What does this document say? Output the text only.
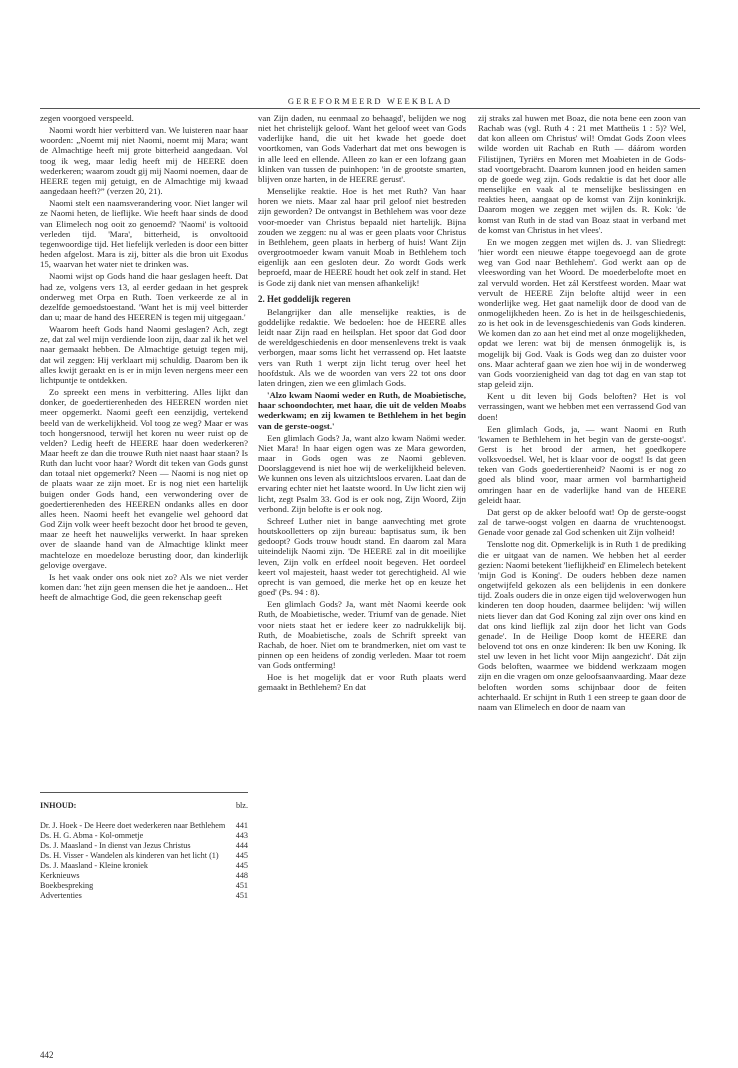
GEREFORMEERD WEEKBLAD

zegen voorgoed verspeeld.

Naomi wordt hier verbitterd van. We luisteren naar haar woorden: „Noemt mij niet Naomi, noemt mij Mara; want de Almachtige heeft mij grote bitterheid aangedaan. Vol toog ik weg, maar ledig heeft mij de HEERE doen wederkeren; waarom zoudt gij mij Naomi noemen, daar de HEERE tegen mij getuigt, en de Almachtige mij kwaad aangedaan heeft?” (verzen 20, 21).

Naomi stelt een naamsverandering voor. Niet langer wil ze Naomi heten, de lieflijke. Wie heeft haar sinds de dood van Elimelech nog ooit zo genoemd? 'Naomi' is voltooid verleden tijd. 'Mara', bitterheid, is onvoltooid tegenwoordige tijd. Het liefelijk verleden is door een bitter heden afgelost. Mara is zij, bitter als die bron uit Exodus 15, waarvan het water niet te drinken was.

Naomi wijst op Gods hand die haar geslagen heeft. Dat had ze, volgens vers 13, al eerder gedaan in het gesprek onderweg met Orpa en Ruth. Toen verkeerde ze al in dezelfde gemoedstoestand. 'Want het is mij veel bitterder dan u; maar de hand des HEEREN is tegen mij uitgegaan.'

Waarom heeft Gods hand Naomi geslagen? Ach, zegt ze, dat zal wel mijn verdiende loon zijn, daar zal ik het wel naar gemaakt hebben. De Almachtige getuigt tegen mij, dat wil zeggen: Hij verklaart mij schuldig. Daarom ben ik alles kwijt geraakt en is er in mijn leven nergens meer een lichtpuntje te ontdekken.

Zo spreekt een mens in verbittering. Alles lijkt dan donker, de goedertierenheden des HEEREN worden niet meer opgemerkt. Naomi geeft een eenzijdig, vertekend beeld van de werkelijkheid. Vol toog ze weg? Maar er was toch hongersnood, terwijl het koren nu weer ruist op de velden? Ledig heeft de HEERE haar doen wederkeren? Maar heeft ze dan die trouwe Ruth niet naast haar staan? Is Ruth dan lucht voor haar? Wordt dit teken van Gods gunst dan totaal niet opgemerkt? Neen — Naomi is nog niet op de plaats waar ze zijn moet. Er is nog niet een hartelijk buigen onder Gods hand, een verwondering over de goedertierenheden des HEEREN ondanks alles en door alles heen. Naomi heeft het evangelie wel gehoord dat God Zijn volk weer heeft bezocht door het brood te geven, maar ze heeft het nauwelijks verwerkt. In haar spreken over de slaande hand van de Almachtige klinkt meer machteloze en moedeloze berusting door, dan kinderlijk gelovige overgave.

Is het vaak onder ons ook niet zo? Als we niet verder komen dan: 'het zijn geen mensen die het je aandoen... Het heeft de almachtige God, die geen rekenschap geeft

INHOUD:	blz.
Dr. J. Hoek - De Heere doet wederkeren naar Bethlehem	441
Ds. H. G. Abma - Kol-ommetje	443
Ds. J. Maasland - In dienst van Jezus Christus	444
Ds. H. Visser - Wandelen als kinderen van het licht (1)	445
Ds. J. Maasland - Kleine kroniek	445
Kerknieuws	448
Boekbespreking	451
Advertenties	451

van Zijn daden, nu eenmaal zo behaagd', belijden we nog niet het christelijk geloof. Want het geloof weet van Gods vaderlijke hand, die uit het kwade het goede doet voortkomen, van Gods Vaderhart dat met ons bewogen is in alle leed en ellende. Alleen zo kan er een lofzang gaan klinken van tussen de puinhopen: 'in de grootste smarten, blijven onze harten, in de HEERE gerust'.

Menselijke reaktie. Hoe is het met Ruth? Van haar horen we niets. Maar zal haar pril geloof niet bestreden zijn geworden? De ontvangst in Bethlehem was voor deze voor-moeder van Christus bepaald niet hartelijk. Bijna zouden we zeggen: nu al was er geen plaats voor Christus in Bethlehem, geen plaats in herberg of huis! Want Zijn overgrootmoeder kwam vanuit Moab in Bethlehem toch eigenlijk aan een gesloten deur. Zo wordt Gods werk beproefd, maar de HEERE houdt het ook zelf in stand. Het is Gode zij dank niet van mensen afhankelijk!

2. Het goddelijk regeren

Belangrijker dan alle menselijke reakties, is de goddelijke redaktie. We bedoelen: hoe de HEERE alles leidt naar Zijn raad en heilsplan. Het spoor dat God door de wereldgeschiedenis en door mensenlevens trekt is vaak verborgen, maar soms licht het verrassend op. Het laatste vers van Ruth 1 werpt zijn licht terug over heel het hoofdstuk. Als we de woorden van vers 22 tot ons door laten dringen, zien we een glimlach Gods.

'Alzo kwam Naomi weder en Ruth, de Moabietische, haar schoondochter, met haar, die uit de velden Moabs wederkwam; en zij kwamen te Bethlehem in het begin van de gerste-oogst.'

Een glimlach Gods? Ja, want alzo kwam Naömi weder. Niet Mara! In haar eigen ogen was ze Mara geworden, maar in Gods ogen was ze Naomi gebleven. Doorslaggevend is niet hoe wij de werkelijkheid beleven. We kunnen ons leven als uitzichtsloos ervaren. Laat dan de ervaring echter niet het laatste woord. In Uw licht zien wij licht, zegt Psalm 33. God is er ook nog, Zijn Woord, Zijn verbond. Zijn belofte is er ook nog.

Schreef Luther niet in bange aanvechting met grote houtskoolletters op zijn bureau: baptisatus sum, ik ben gedoopt? Gods trouw houdt stand. En daarom zal Mara uiteindelijk Naomi zijn. 'De HEERE zal in dit moeilijke leven, Zijn volk en erfdeel nooit begeven. Het oordeel keert vol majesteit, haast weder tot gerechtigheid. Al wie oprecht is van gemoed, die merke het op en keuze het goed' (Ps. 94 : 8).

Een glimlach Gods? Ja, want mèt Naomi keerde ook Ruth, de Moabietische, weder. Triumf van de genade. Niet voor niets staat het er iedere keer zo nadrukkelijk bij. Ruth, de Moabietische, zoals de Schrift spreekt van Rachab, de hoer. Niet om te brandmerken, niet om vast te pinnen op een heidens of zondig verleden. Maar tot roem van Gods ontferming!

Hoe is het mogelijk dat er voor Ruth plaats werd gemaakt in Bethlehem? En dat

zij straks zal huwen met Boaz, die nota bene een zoon van Rachab was (vgl. Ruth 4 : 21 met Mattheüs 1 : 5)? Wel, dat kon alleen om Christus' wil! Omdat Gods Zoon vlees wilde worden uit Rachab en Ruth — dáárom worden Filistijnen, Tyriërs en Moren met Moabieten in de Gods-stad voortgebracht. Daarom kunnen jood en heiden samen op de goede weg zijn. Gods redaktie is dat het door alle menselijke en vaak al te menselijke beslissingen en reakties heen, aangaat op de komst van Zijn koninkrijk. Daarom mogen we zeggen met wijlen ds. R. Kok: 'de komst van Ruth in de stad van Boaz staat in verband met de komst van Christus in het vlees'.

En we mogen zeggen met wijlen ds. J. van Sliedregt: 'hier wordt een nieuwe étappe toegevoegd aan de grote weg van God naar Bethlehem'. God werkt aan op de vleeswording van het Woord. De moederbelofte moet en zal vervuld worden. Het zál Kerstfeest worden. Maar wat vervult de HEERE Zijn belofte altijd weer in een wonderlijke weg. Het gaat namelijk door de dood van de onmogelijkheden heen. Zo is het in de heilsgeschiedenis, zo is het ook in de levensgeschiedenis van Gods kinderen. We komen dan zo aan het eind met al onze mogelijkheden, opdat we leren: wat bij de mensen ónmogelijk is, is mogelijk bij God. Vaak is Gods weg dan zo duister voor ons. Maar achteraf gaan we zien hoe wij in de wonderweg van Gods voorzienigheid van dag tot dag en van stap tot stap geleid zijn.

Kent u dit leven bij Gods beloften? Het is vol verrassingen, want we hebben met een verrassend God van doen!

Een glimlach Gods, ja, — want Naomi en Ruth 'kwamen te Bethlehem in het begin van de gerste-oogst'. Gerst is het brood der armen, het goedkopere volksvoedsel. Wel, het is klaar voor de oogst! Is dat geen teken van Gods goedertierenheid? Naomi is er nog zo goed als blind voor, maar armen vol barmhartigheid omringen haar en de vaderlijke hand van de HEERE geleidt haar.

Dat gerst op de akker beloofd wat! Op de gerste-oogst zal de tarwe-oogst volgen en daarna de vruchtenoogst. Genade voor genade zal God schenken uit Zijn volheid!

Tenslotte nog dit. Opmerkelijk is in Ruth 1 de prediking die er uitgaat van de namen. We hebben het al eerder gezien: Naomi betekent 'lieflijkheid' en Elimelech betekent 'mijn God is Koning'. De ouders hebben deze namen ongetwijfeld gekozen als een belijdenis in een donkere tijd. Zoals ouders die in onze eigen tijd weloverwogen hun kinderen ten doop houden, daarmee belijden: 'wij willen niets liever dan dat God Koning zal zijn over ons kind en dat ons kind lieflijk zal zijn door het licht van Gods genade'. In de Heilige Doop komt de HEERE dan belovend tot ons en onze kinderen: Ik ben uw Koning. Ik stel uw leven in het licht voor Mijn aangezicht'. Dát zijn Gods beloften, waarmee we biddend werkzaam mogen zijn en die vragen om onze geloofsaanvaarding. Maar deze beloften worden soms schijnbaar door de feiten achterhaald. Er schijnt in Ruth 1 een streep te gaan door de naam van Elimelech en door de naam van

442
